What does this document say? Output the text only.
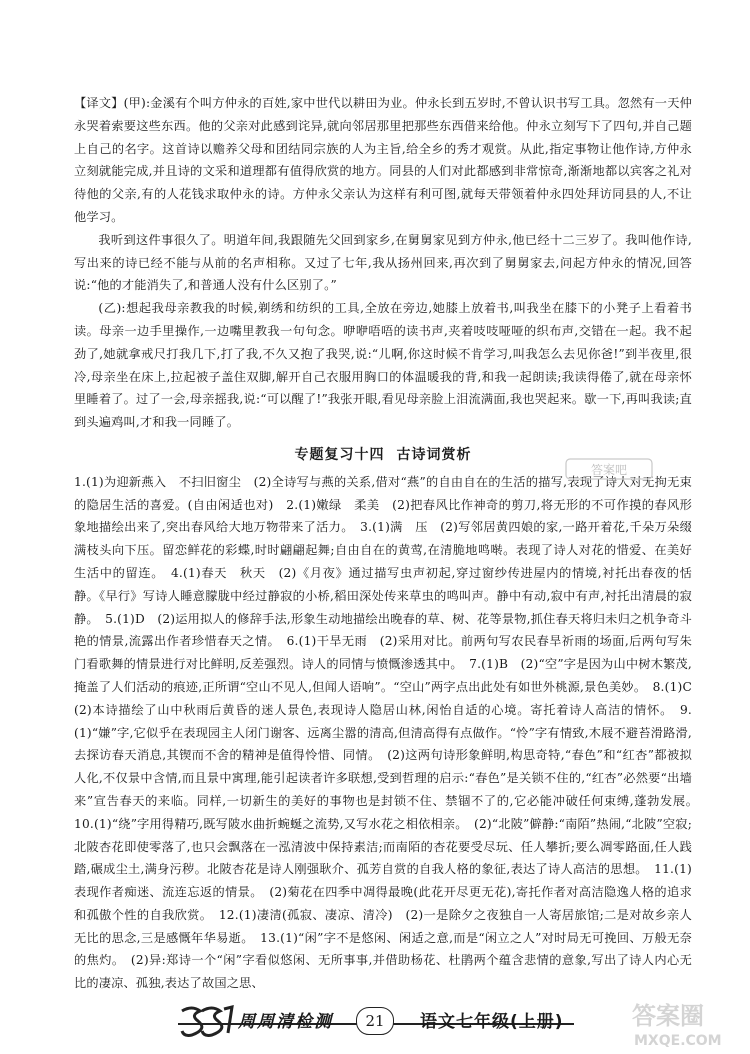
【译文】(甲):金溪有个叫方仲永的百姓,家中世代以耕田为业。仲永长到五岁时,不曾认识书写工具。忽然有一天仲永哭着索要这些东西。他的父亲对此感到诧异,就向邻居那里把那些东西借来给他。仲永立刻写下了四句,并自己题上自己的名字。这首诗以赡养父母和团结同宗族的人为主旨,给全乡的秀才观赏。从此,指定事物让他作诗,方仲永立刻就能完成,并且诗的文采和道理都有值得欣赏的地方。同县的人们对此都感到非常惊奇,渐渐地都以宾客之礼对待他的父亲,有的人花钱求取仲永的诗。方仲永父亲认为这样有利可图,就每天带领着仲永四处拜访同县的人,不让他学习。

我听到这件事很久了。明道年间,我跟随先父回到家乡,在舅舅家见到方仲永,他已经十二三岁了。我叫他作诗,写出来的诗已经不能与从前的名声相称。又过了七年,我从扬州回来,再次到了舅舅家去,问起方仲永的情况,回答说:“他的才能消失了,和普通人没有什么区别了。”

(乙):想起我母亲教我的时候,剃绣和纺织的工具,全放在旁边,她膝上放着书,叫我坐在膝下的小凳子上看着书读。母亲一边手里操作,一边嘴里教我一句句念。咿咿唔唔的读书声,夹着吱吱哑哑的织布声,交错在一起。我不起劲了,她就拿戒尺打我几下,打了我,不久又抱了我哭,说:“儿啊,你这时候不肯学习,叫我怎么去见你爸!”到半夜里,很冷,母亲坐在床上,拉起被子盖住双脚,解开自己衣服用胸口的体温暖我的背,和我一起朗读;我读得倦了,就在母亲怀里睡着了。过了一会,母亲摇我,说:“可以醒了!”我张开眼,看见母亲脸上泪流满面,我也哭起来。歇一下,再叫我读;直到头遍鸡叫,才和我一同睡了。

专题复习十四 古诗词赏析

1.(1)为迎新燕入　不扫旧窗尘　(2)全诗写与燕的关系,借对“燕”的自由自在的生活的描写,表现了诗人对无拘无束的隐居生活的喜爱。(自由闲适也对)　2.(1)嫩绿　柔美　(2)把春风比作神奇的剪刀,将无形的不可作摸的春风形象地描绘出来了,突出春风给大地万物带来了活力。　3.(1)满　压　(2)写邻居黄四娘的家,一路开着花,千朵万朵缀满枝头向下压。留恋鲜花的彩蝶,时时翩翩起舞;自由自在的黄莺,在清脆地鸣啭。表现了诗人对花的惜爱、在美好生活中的留连。　4.(1)春天　秋天　(2)《月夜》通过描写虫声初起,穿过窗纱传进屋内的情境,衬托出春夜的恬静。《早行》写诗人睡意朦胧中经过静寂的小桥,稻田深处传来草虫的鸣叫声。静中有动,寂中有声,衬托出清晨的寂静。　5.(1)D　(2)运用拟人的修辞手法,形象生动地描绘出晚春的草、树、花等景物,抓住春天将归未归之机争奇斗艳的情景,流露出作者珍惜春天之情。　6.(1)干旱无雨　(2)采用对比。前两句写农民春旱祈雨的场面,后两句写朱门看歌舞的情景进行对比鲜明,反差强烈。诗人的同情与愤慨渗透其中。　7.(1)B　(2)“空”字是因为山中树木繁茂,掩盖了人们活动的痕迹,正所谓“空山不见人,但闻人语响”。“空山”两字点出此处有如世外桃源,景色美妙。　8.(1)C　(2)本诗描绘了山中秋雨后黄昏的迷人景色,表现诗人隐居山林,闲怡自适的心境。寄托着诗人高洁的情怀。　9.(1)“嫌”字,它似乎在表现园主人闭门谢客、远离尘嚣的清高,但清高得有点做作。“怜”字有情致,木屐不避苔滑路滑,去探访春天消息,其锲而不舍的精神是值得怜惜、同情。　(2)这两句诗形象鲜明,构思奇特,“春色”和“红杏”都被拟人化,不仅景中含情,而且景中寓理,能引起读者许多联想,受到哲理的启示:“春色”是关锁不住的,“红杏”必然要“出墙来”宣告春天的来临。同样,一切新生的美好的事物也是封锁不住、禁锢不了的,它必能冲破任何束缚,蓬勃发展。　10.(1)“绕”字用得精巧,既写陂水曲折蜿蜒之流势,又写水花之相依相亲。　(2)“北陂”僻静:“南陌”热闹,“北陂”空寂;北陂杏花即使零落了,也只会飘落在一泓清波中保持素洁;而南陌的杏花要受尽玩、任人攀折;要么凋零路面,任人践踏,碾成尘土,满身污秽。北陂杏花是诗人刚强耿介、孤芳自赏的自我人格的象征,表达了诗人高洁的思想。　11.(1)表现作者痴迷、流连忘返的情景。　(2)菊花在四季中凋得最晚(此花开尽更无花),寄托作者对高洁隐逸人格的追求和孤傲个性的自我欣赏。　12.(1)凄清(孤寂、凄凉、清冷)　(2)一是除夕之夜独自一人寄居旅馆;二是对故乡亲人无比的思念,三是感慨年华易逝。　13.(1)“闲”字不是悠闲、闲适之意,而是“闲立之人”对时局无可挽回、万般无奈的焦灼。　(2)异:郑诗一个“闲”字看似悠闲、无所事事,并借助杨花、杜鹃两个蕴含悲情的意象,写出了诗人内心无比的凄凉、孤独,表达了故国之思、

答案吧
周周清检测	21	语文七年级(上册)	答案圈
MXQE.COM
